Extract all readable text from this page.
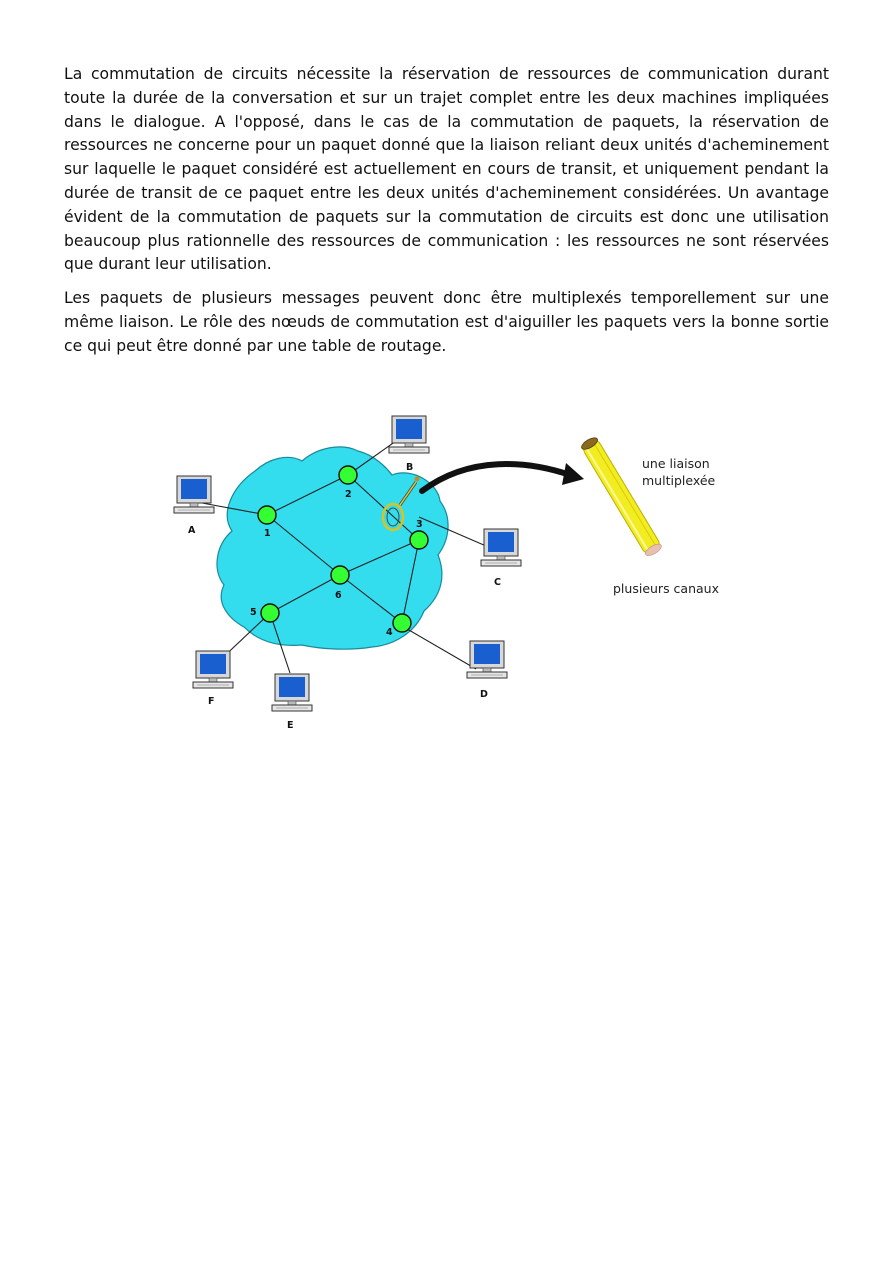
La commutation de circuits nécessite la réservation de ressources de communication durant toute la durée de la conversation et sur un trajet complet entre les deux machines impliquées dans le dialogue. A l'opposé, dans le cas de la commutation de paquets, la réservation de ressources ne concerne pour un paquet donné que la liaison reliant deux unités d'acheminement sur laquelle le paquet considéré est actuellement en cours de transit, et uniquement pendant la durée de transit de ce paquet entre les deux unités d'acheminement considérées. Un avantage évident de la commutation de paquets sur la commutation de circuits est donc une utilisation beaucoup plus rationnelle des ressources de communication : les ressources ne sont réservées que durant leur utilisation.

Les paquets de plusieurs messages peuvent donc être multiplexés temporellement sur une même liaison. Le rôle des nœuds de commutation est d'aiguiller les paquets vers la bonne sortie ce qui peut être donné par une table de routage.

une liaison
multiplexée
plusieurs canaux
1
2
3
4
5
6
A
B
C
D
E
F
